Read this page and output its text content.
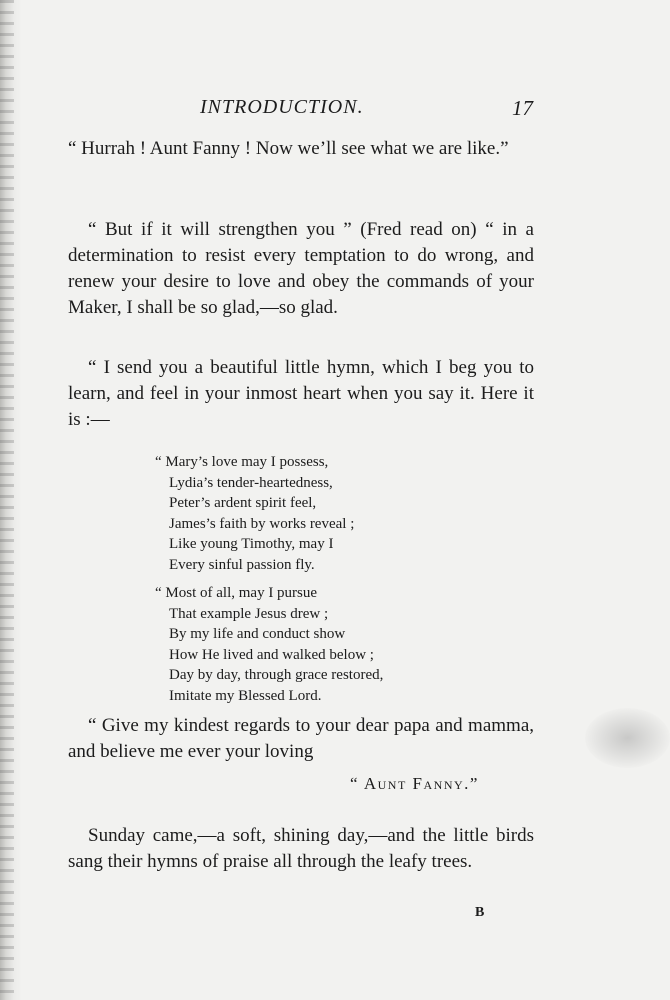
INTRODUCTION.	17
“ Hurrah ! Aunt Fanny ! Now we’ll see what we are like.”
“ But if it will strengthen you ” (Fred read on) “ in a determination to resist every temptation to do wrong, and renew your desire to love and obey the commands of your Maker, I shall be so glad,—so glad.
“ I send you a beautiful little hymn, which I beg you to learn, and feel in your inmost heart when you say it. Here it is :—
“ Mary’s love may I possess,
Lydia’s tender-heartedness,
Peter’s ardent spirit feel,
James’s faith by works reveal ;
Like young Timothy, may I
Every sinful passion fly.
“ Most of all, may I pursue
That example Jesus drew ;
By my life and conduct show
How He lived and walked below ;
Day by day, through grace restored,
Imitate my Blessed Lord.
“ Give my kindest regards to your dear papa and mamma, and believe me ever your loving
“ Aunt Fanny.”
Sunday came,—a soft, shining day,—and the little birds sang their hymns of praise all through the leafy trees.
B
